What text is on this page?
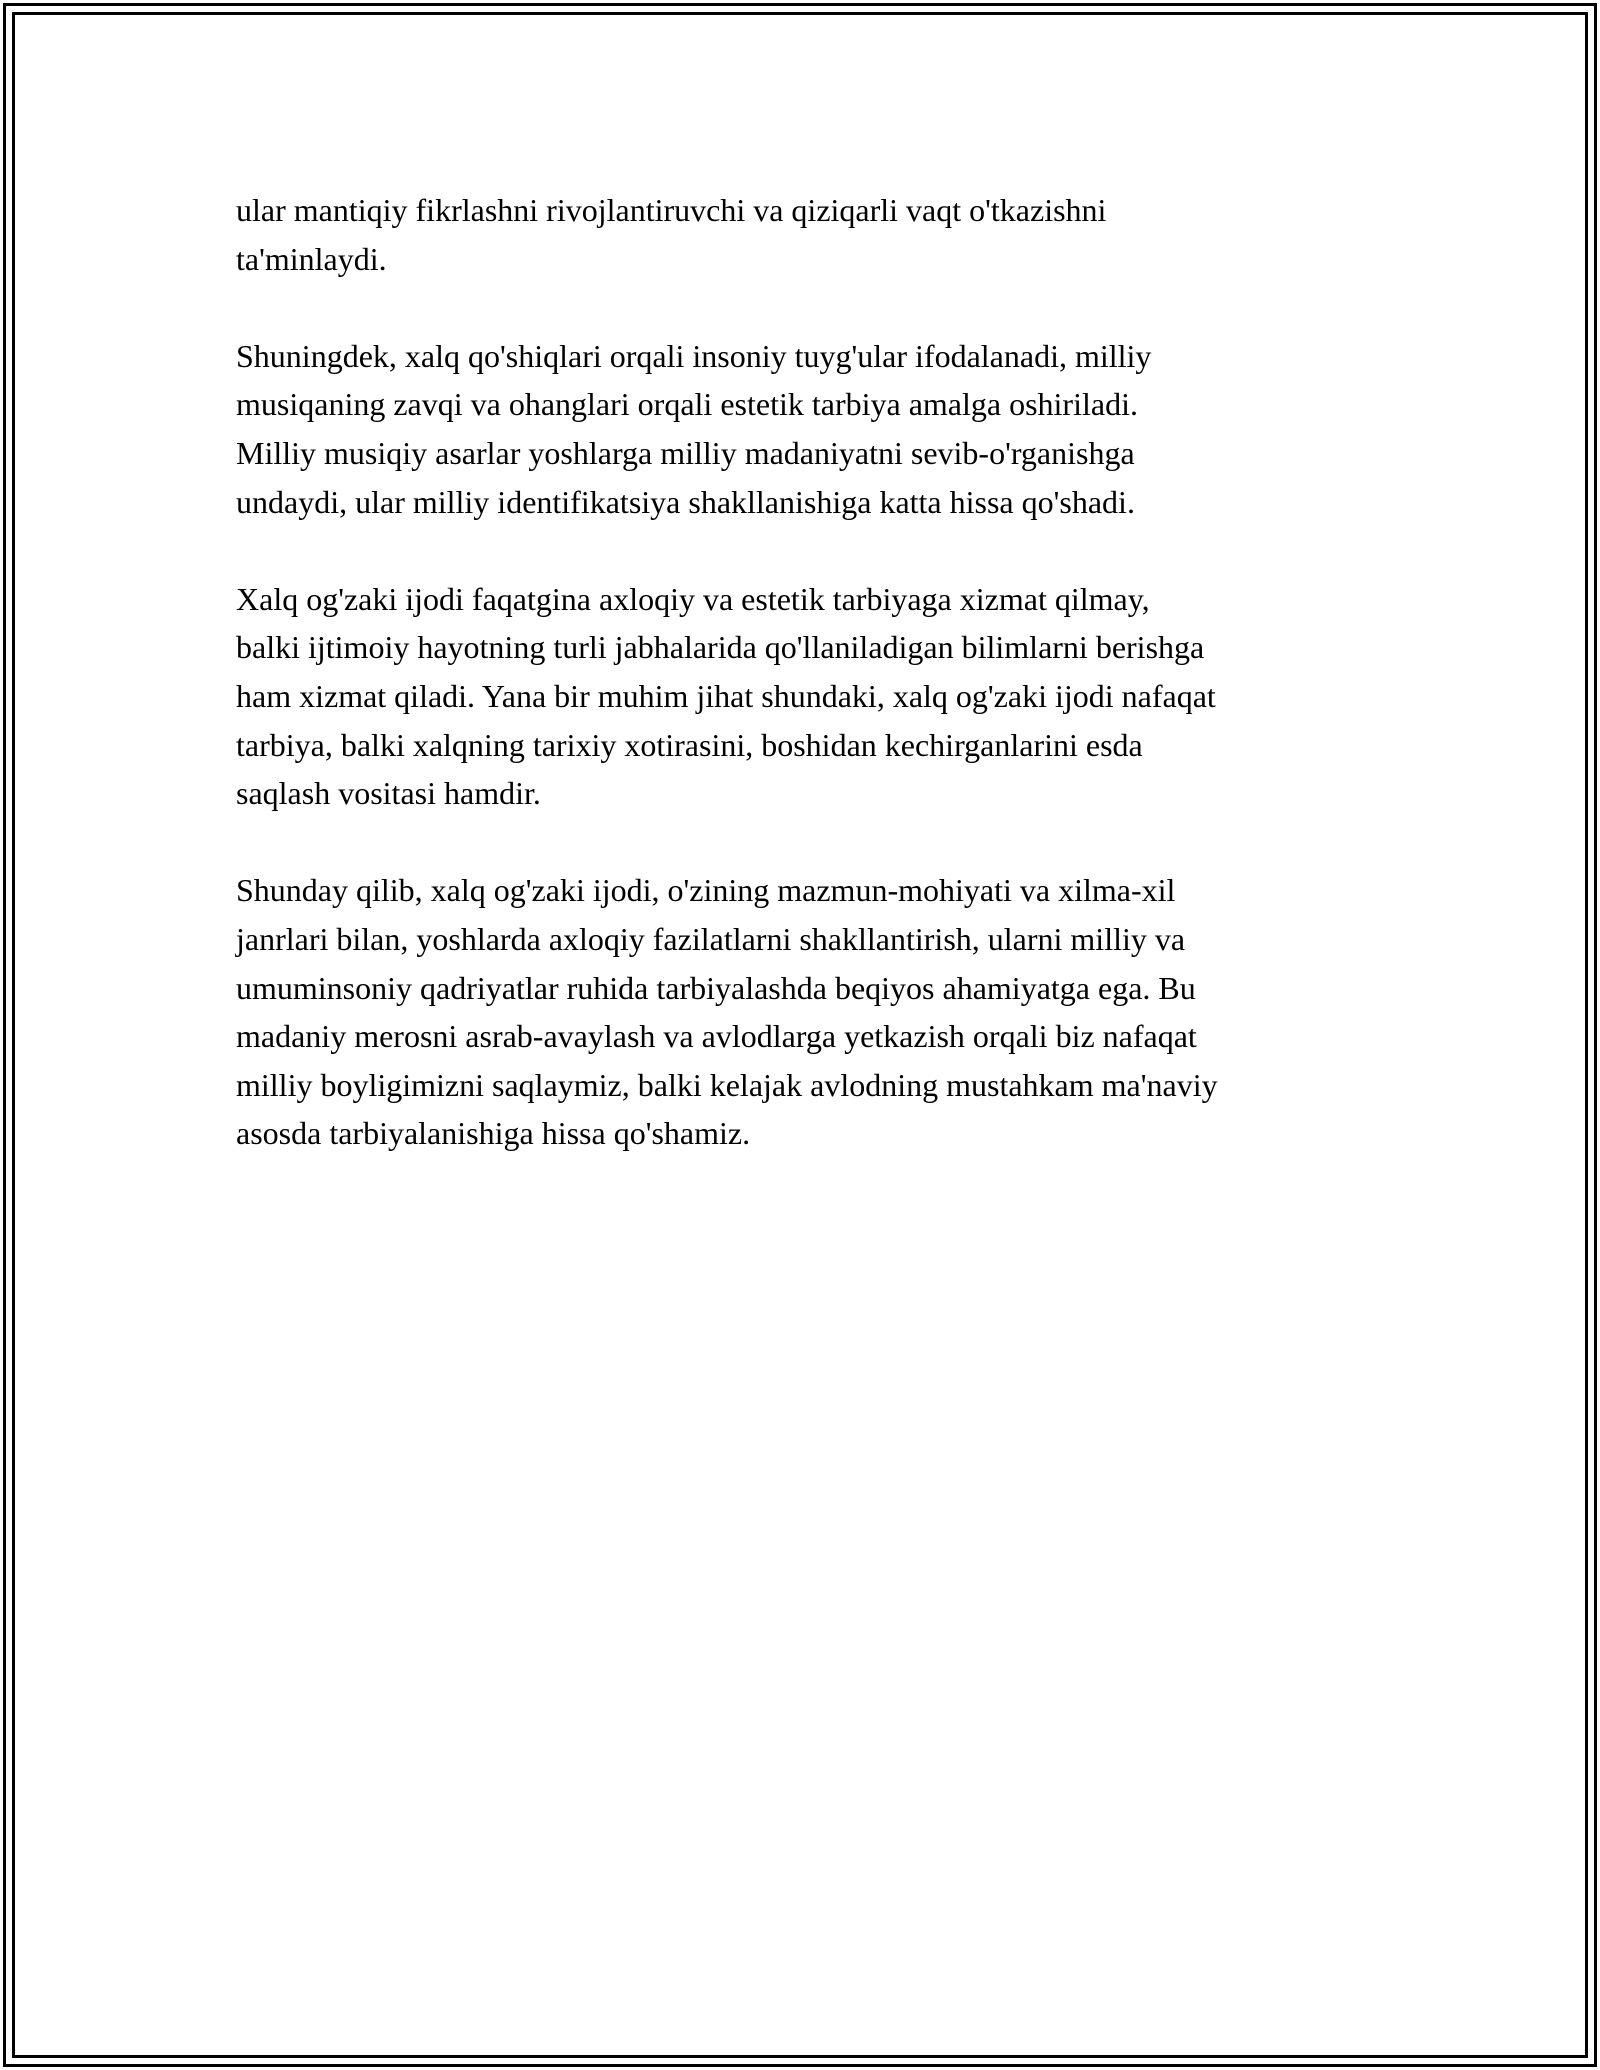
ular mantiqiy fikrlashni rivojlantiruvchi va qiziqarli vaqt o'tkazishni
ta'minlaydi.

Shuningdek, xalq qo'shiqlari orqali insoniy tuyg'ular ifodalanadi, milliy
musiqaning zavqi va ohanglari orqali estetik tarbiya amalga oshiriladi.
Milliy musiqiy asarlar yoshlarga milliy madaniyatni sevib-o'rganishga
undaydi, ular milliy identifikatsiya shakllanishiga katta hissa qo'shadi.

Xalq og'zaki ijodi faqatgina axloqiy va estetik tarbiyaga xizmat qilmay,
balki ijtimoiy hayotning turli jabhalarida qo'llaniladigan bilimlarni berishga
ham xizmat qiladi. Yana bir muhim jihat shundaki, xalq og'zaki ijodi nafaqat
tarbiya, balki xalqning tarixiy xotirasini, boshidan kechirganlarini esda
saqlash vositasi hamdir.

Shunday qilib, xalq og'zaki ijodi, o'zining mazmun-mohiyati va xilma-xil
janrlari bilan, yoshlarda axloqiy fazilatlarni shakllantirish, ularni milliy va
umuminsoniy qadriyatlar ruhida tarbiyalashda beqiyos ahamiyatga ega. Bu
madaniy merosni asrab-avaylash va avlodlarga yetkazish orqali biz nafaqat
milliy boyligimizni saqlaymiz, balki kelajak avlodning mustahkam ma'naviy
asosda tarbiyalanishiga hissa qo'shamiz.
